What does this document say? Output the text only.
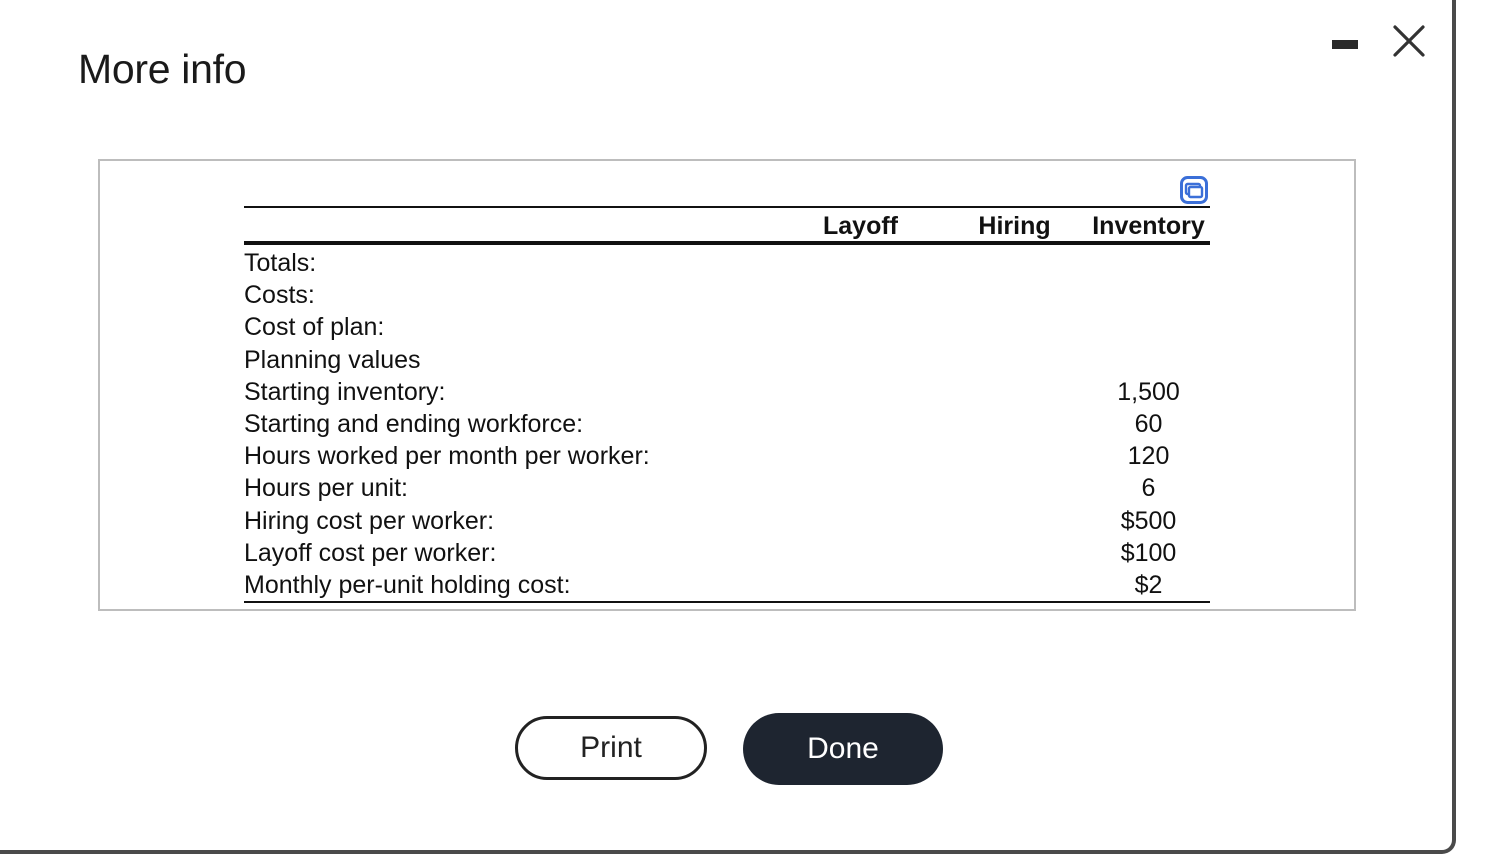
More info
	Layoff	Hiring	Inventory
Totals:			
Costs:			
Cost of plan:			
Planning values			
Starting inventory:			1,500
Starting and ending workforce:			60
Hours worked per month per worker:			120
Hours per unit:			6
Hiring cost per worker:			$500
Layoff cost per worker:			$100
Monthly per-unit holding cost:			$2
Print	Done
